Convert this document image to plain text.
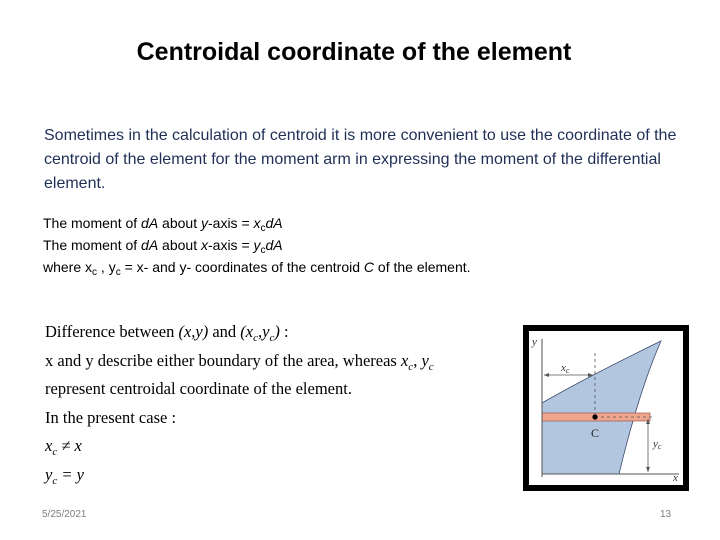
Centroidal coordinate of the element
Sometimes in the calculation of centroid it is more convenient to use the coordinate of the centroid of the element for the moment arm in expressing the moment of the differential element.
The moment of dA about y-axis = $x_cdA$
The moment of dA about x-axis = $y_cdA$
where $x_c$ , $y_c = x-$ and y- coordinates of the centroid C of the element.
Difference between (x,y) and $(x_c,y_c)$ :
x and y describe either boundary of the area, whereas $x_c$, $y_c$
represent centroidal coordinate of the element.
In the present case :
$x_c \ne x$
$y_c = y$
y
x
xc
C
yc
5/25/2021	13
